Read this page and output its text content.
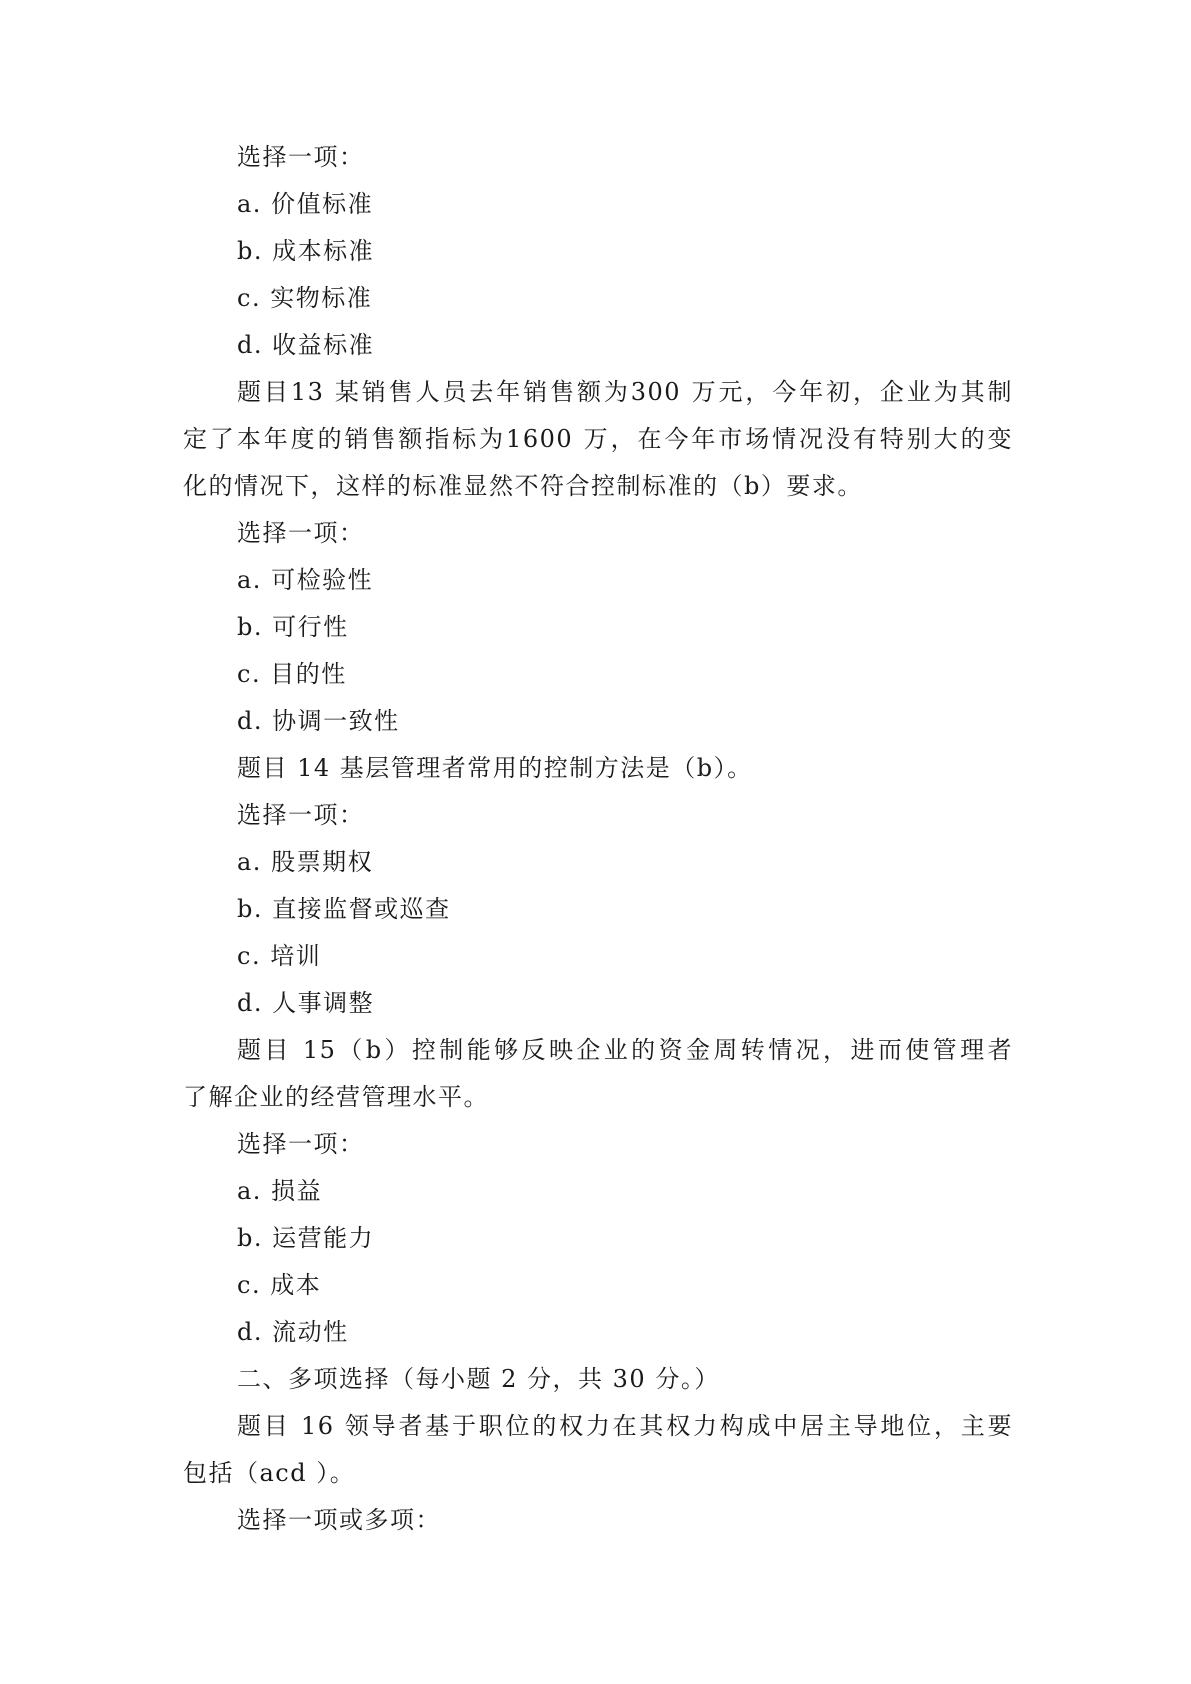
选择一项：
a. 价值标准
b. 成本标准
c. 实物标准
d. 收益标准
题目13 某销售人员去年销售额为300 万元，今年初，企业为其制
定了本年度的销售额指标为1600 万，在今年市场情况没有特别大的变
化的情况下，这样的标准显然不符合控制标准的（b）要求。
选择一项：
a. 可检验性
b. 可行性
c. 目的性
d. 协调一致性
题目 14 基层管理者常用的控制方法是（b）。
选择一项：
a. 股票期权
b. 直接监督或巡查
c. 培训
d. 人事调整
题目 15（b）控制能够反映企业的资金周转情况，进而使管理者
了解企业的经营管理水平。
选择一项：
a. 损益
b. 运营能力
c. 成本
d. 流动性
二、多项选择（每小题 2 分，共 30 分。）
题目 16 领导者基于职位的权力在其权力构成中居主导地位，主要
包括（acd ）。
选择一项或多项：
